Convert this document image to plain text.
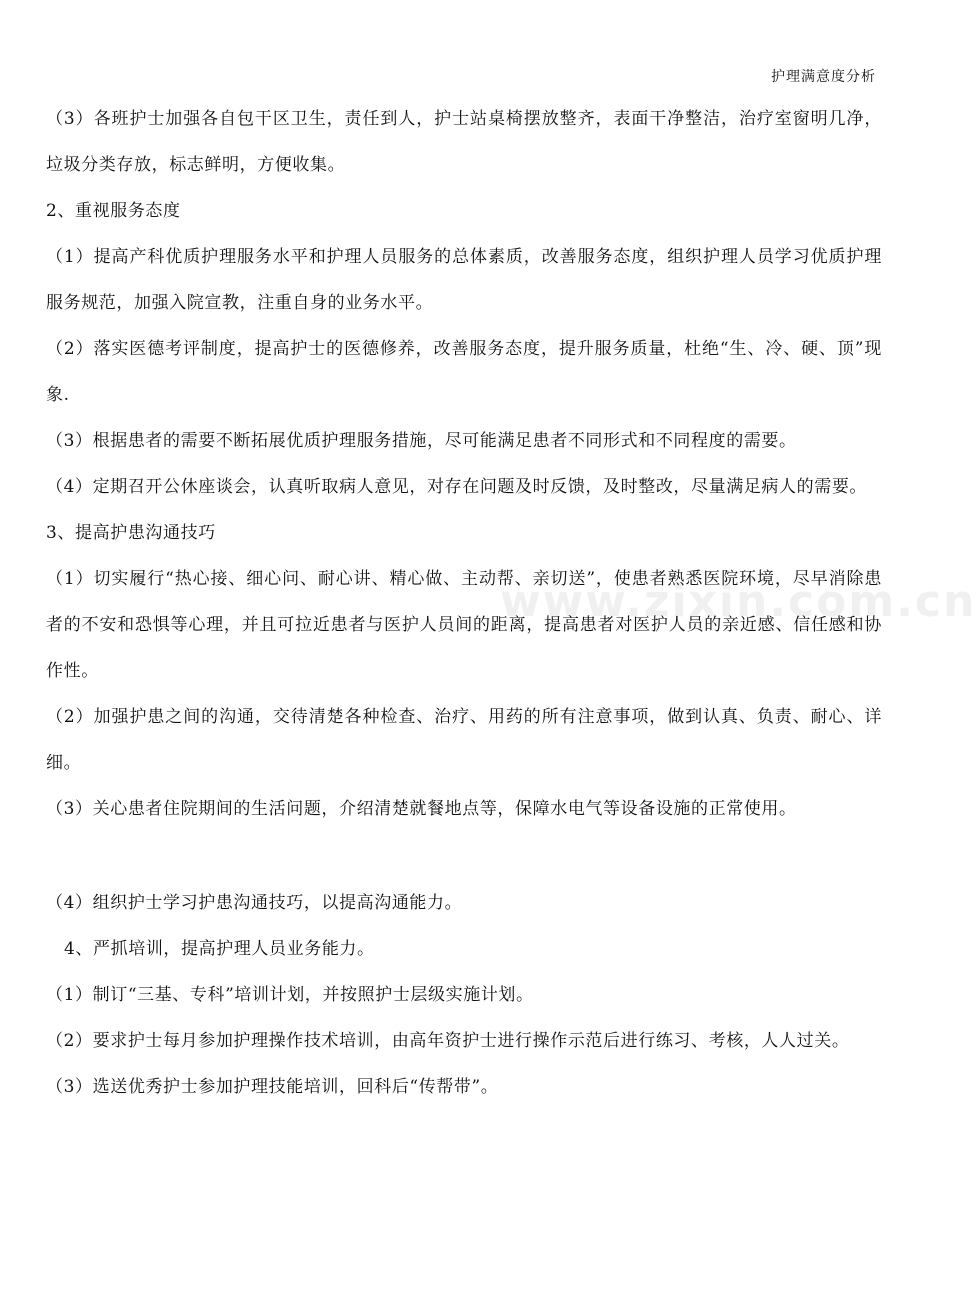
护理满意度分析
www.zixin.com.cn

（3）各班护士加强各自包干区卫生，责任到人，护士站桌椅摆放整齐，表面干净整洁，治疗室窗明几净，垃圾分类存放，标志鲜明，方便收集。

2、重视服务态度

（1）提高产科优质护理服务水平和护理人员服务的总体素质，改善服务态度，组织护理人员学习优质护理服务规范，加强入院宣教，注重自身的业务水平。

（2）落实医德考评制度，提高护士的医德修养，改善服务态度，提升服务质量，杜绝“生、冷、硬、顶”现象.

（3）根据患者的需要不断拓展优质护理服务措施，尽可能满足患者不同形式和不同程度的需要。

（4）定期召开公休座谈会，认真听取病人意见，对存在问题及时反馈，及时整改，尽量满足病人的需要。

3、提高护患沟通技巧

（1）切实履行“热心接、细心问、耐心讲、精心做、主动帮、亲切送”，使患者熟悉医院环境，尽早消除患者的不安和恐惧等心理，并且可拉近患者与医护人员间的距离，提高患者对医护人员的亲近感、信任感和协作性。

（2）加强护患之间的沟通，交待清楚各种检查、治疗、用药的所有注意事项，做到认真、负责、耐心、详细。

（3）关心患者住院期间的生活问题，介绍清楚就餐地点等，保障水电气等设备设施的正常使用。

（4）组织护士学习护患沟通技巧，以提高沟通能力。

4、严抓培训，提高护理人员业务能力。

（1）制订“三基、专科”培训计划，并按照护士层级实施计划。

（2）要求护士每月参加护理操作技术培训，由高年资护士进行操作示范后进行练习、考核，人人过关。

（3）选送优秀护士参加护理技能培训，回科后“传帮带”。
